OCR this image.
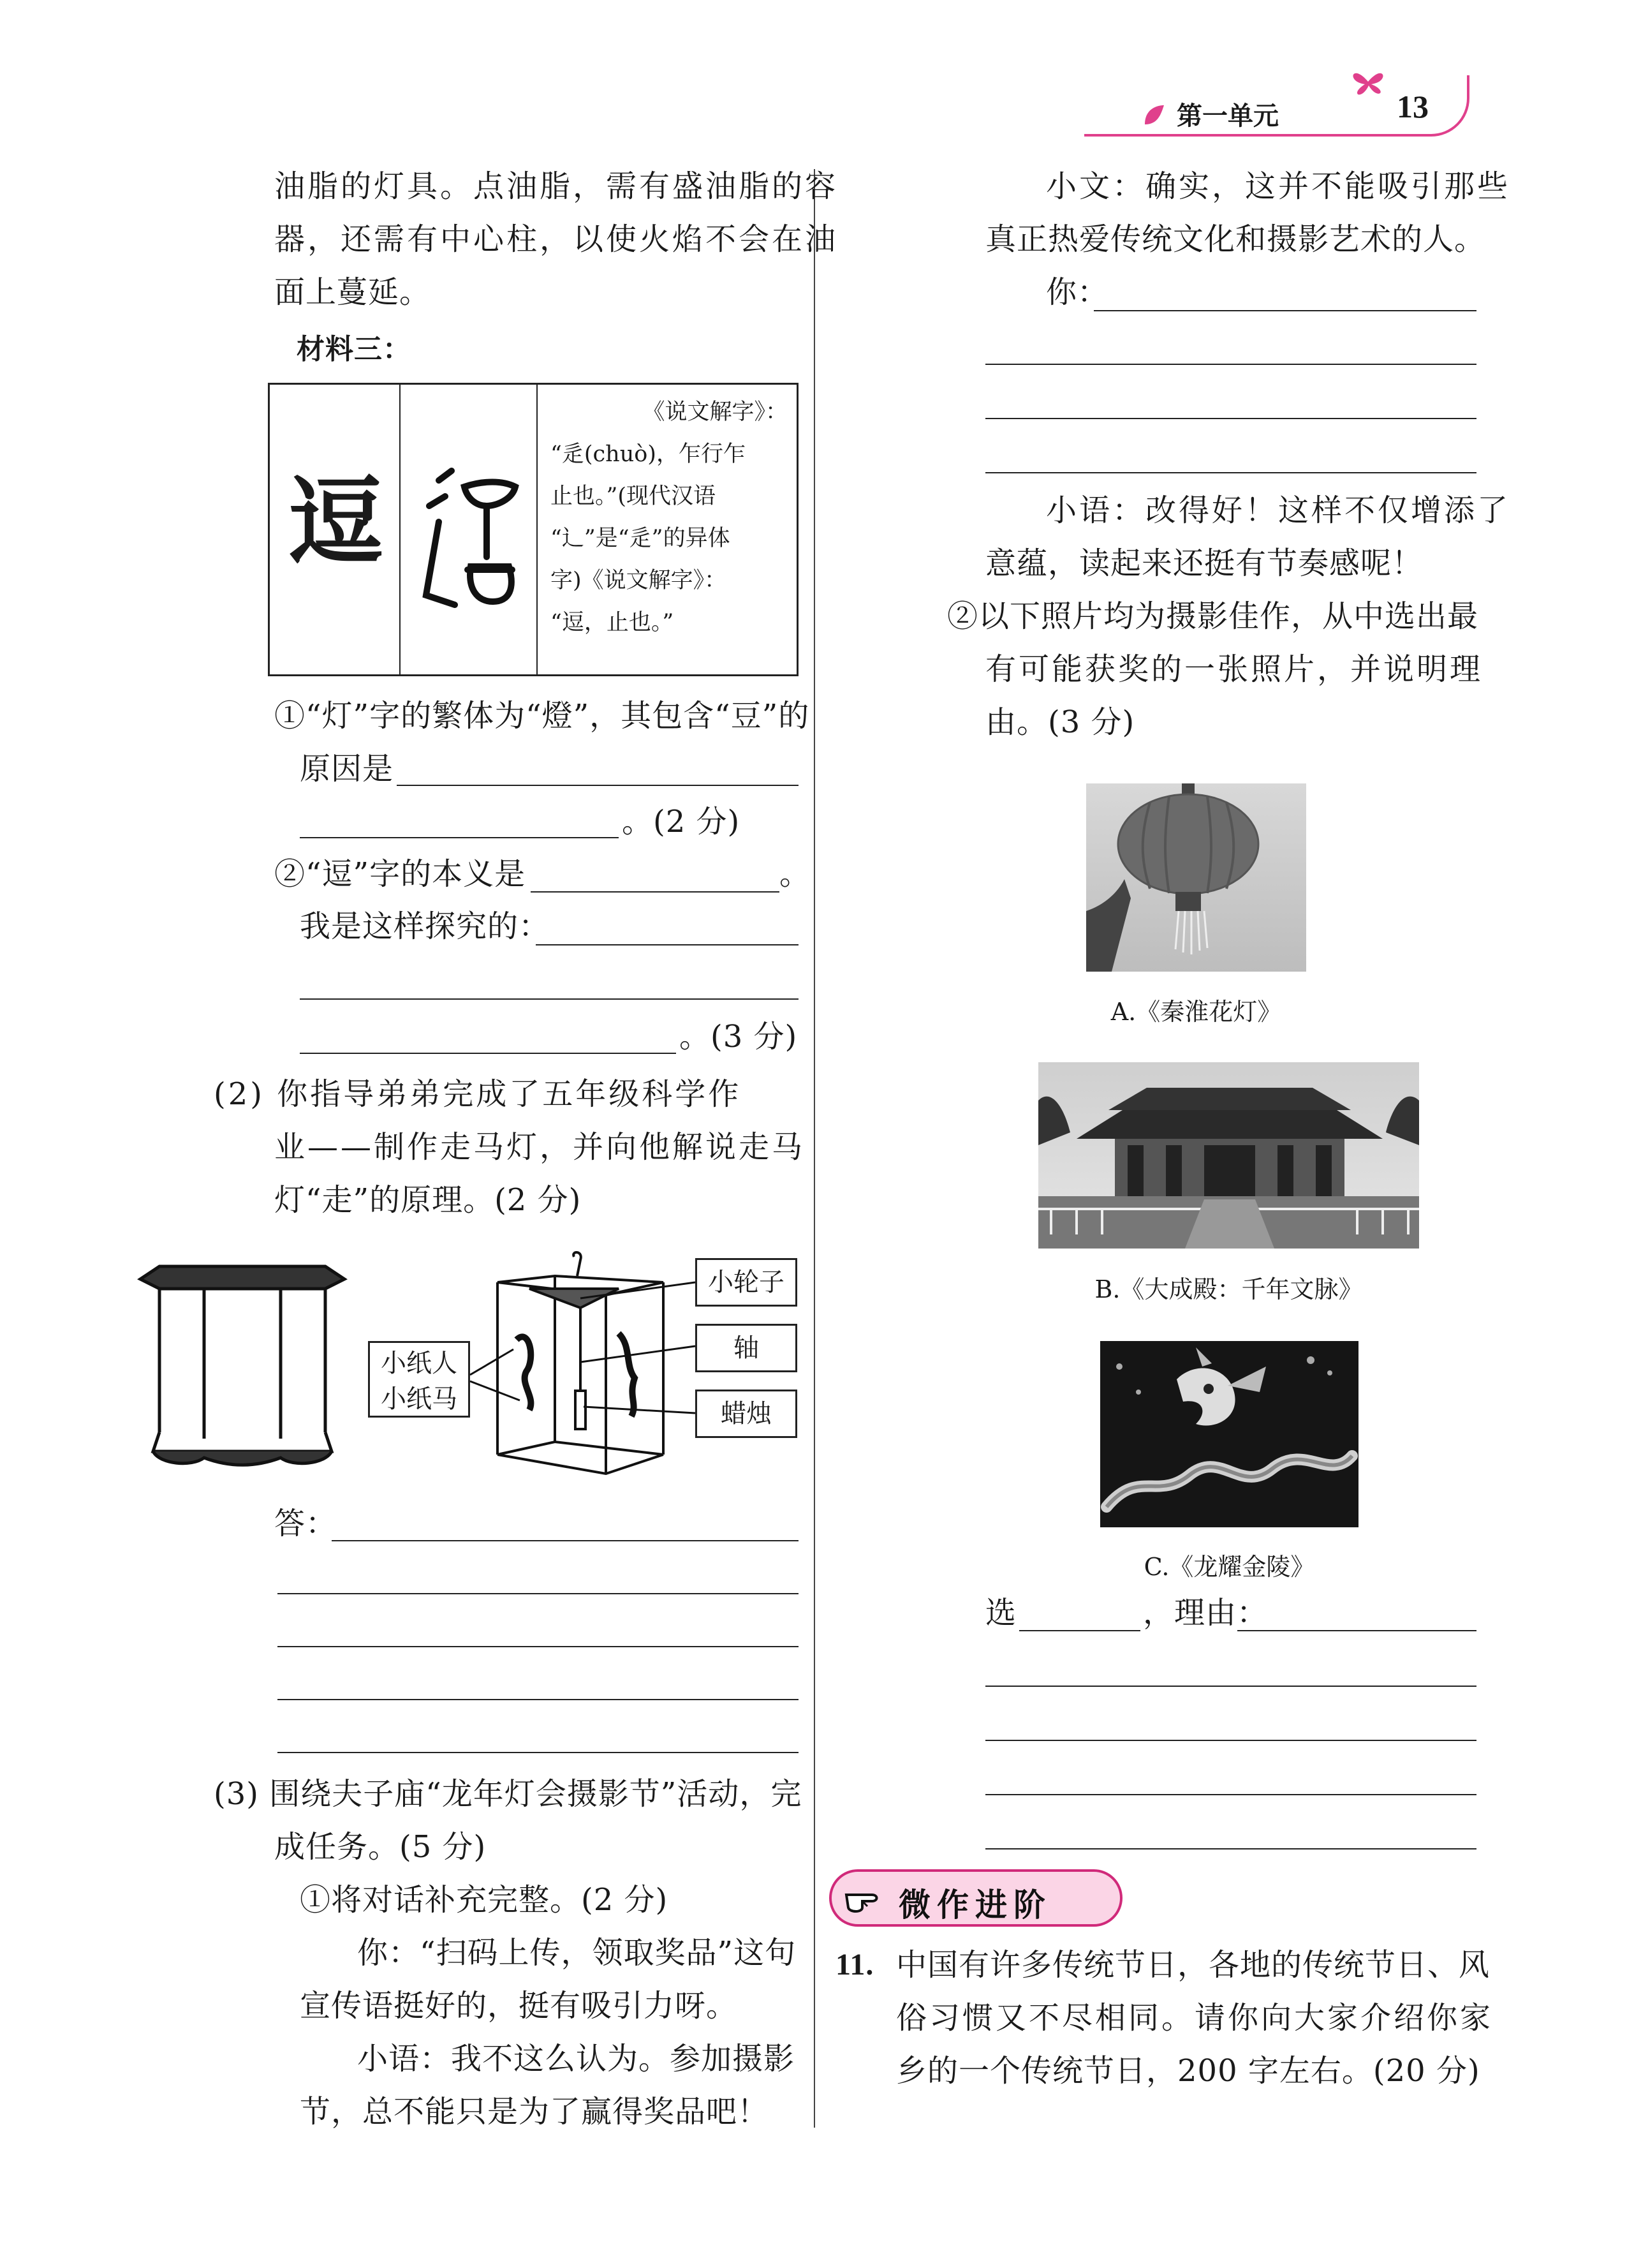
第一单元	13
油脂的灯具。点油脂，需有盛油脂的容
器，还需有中心柱，以使火焰不会在油
面上蔓延。
材料三：
逗
《说文解字》：
“辵(chuò)，乍行乍
止也。”(现代汉语
“辶”是“辵”的异体
字)《说文解字》：
“逗，止也。”
①“灯”字的繁体为“燈”，其包含“豆”的
原因是
。(2 分)
②“逗”字的本义是	。
我是这样探究的：
。(3 分)
(2) 你指导弟弟完成了五年级科学作
业——制作走马灯，并向他解说走马
灯“走”的原理。(2 分)
小纸人
小纸马
小轮子
轴
蜡烛
答：
(3) 围绕夫子庙“龙年灯会摄影节”活动，完
成任务。(5 分)
①将对话补充完整。(2 分)
你：“扫码上传，领取奖品”这句
宣传语挺好的，挺有吸引力呀。
小语：我不这么认为。参加摄影
节，总不能只是为了赢得奖品吧！
小文：确实，这并不能吸引那些
真正热爱传统文化和摄影艺术的人。
你：
小语：改得好！这样不仅增添了
意蕴，读起来还挺有节奏感呢！
②以下照片均为摄影佳作，从中选出最
有可能获奖的一张照片，并说明理
由。(3 分)
A.《秦淮花灯》
B.《大成殿：千年文脉》
C.《龙耀金陵》
选	，理由：
微作进阶
11. 中国有许多传统节日，各地的传统节日、风
俗习惯又不尽相同。请你向大家介绍你家
乡的一个传统节日，200 字左右。(20 分)
